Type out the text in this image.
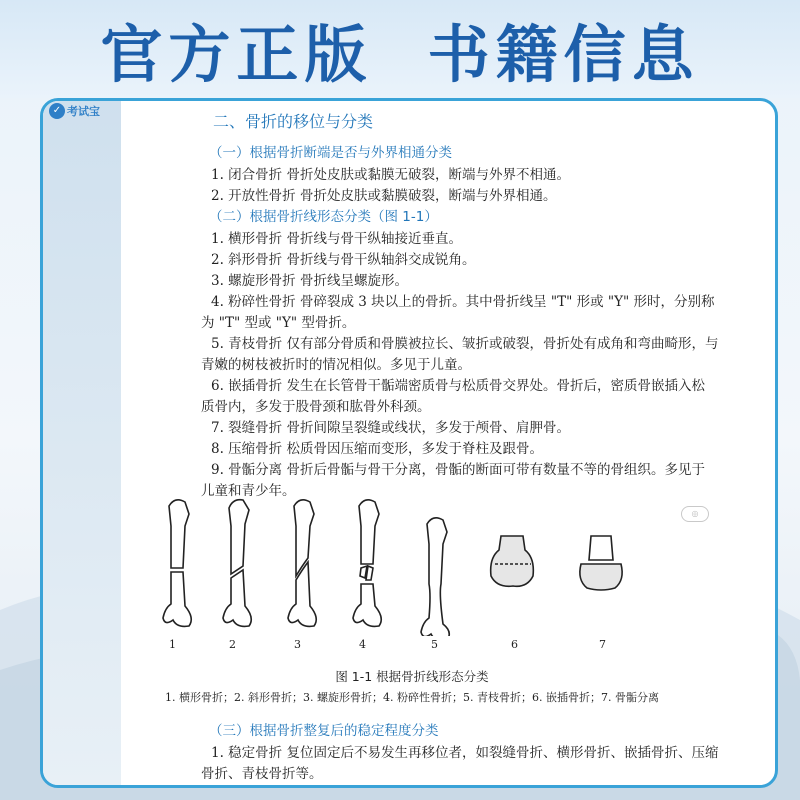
官方正版  书籍信息
✓ 考试宝
二、骨折的移位与分类
（一）根据骨折断端是否与外界相通分类
1. 闭合骨折 骨折处皮肤或黏膜无破裂，断端与外界不相通。
2. 开放性骨折 骨折处皮肤或黏膜破裂，断端与外界相通。
（二）根据骨折线形态分类（图 1-1）
1. 横形骨折 骨折线与骨干纵轴接近垂直。
2. 斜形骨折 骨折线与骨干纵轴斜交成锐角。
3. 螺旋形骨折 骨折线呈螺旋形。
4. 粉碎性骨折 骨碎裂成 3 块以上的骨折。其中骨折线呈 "T" 形或 "Y" 形时，分别称
为 "T" 型或 "Y" 型骨折。
5. 青枝骨折 仅有部分骨质和骨膜被拉长、皱折或破裂，骨折处有成角和弯曲畸形，与
青嫩的树枝被折时的情况相似。多见于儿童。
6. 嵌插骨折 发生在长管骨干骺端密质骨与松质骨交界处。骨折后，密质骨嵌插入松
质骨内，多发于股骨颈和肱骨外科颈。
7. 裂缝骨折 骨折间隙呈裂缝或线状，多发于颅骨、肩胛骨。
8. 压缩骨折 松质骨因压缩而变形，多发于脊柱及跟骨。
9. 骨骺分离 骨折后骨骺与骨干分离，骨骺的断面可带有数量不等的骨组织。多见于
儿童和青少年。
（三）根据骨折整复后的稳定程度分类
1. 稳定骨折 复位固定后不易发生再移位者，如裂缝骨折、横形骨折、嵌插骨折、压缩
骨折、青枝骨折等。
1	2	3	4	5	6	7
图 1-1 根据骨折线形态分类
1. 横形骨折；2. 斜形骨折；3. 螺旋形骨折；4. 粉碎性骨折；5. 青枝骨折；6. 嵌插骨折；7. 骨骺分离
◎
